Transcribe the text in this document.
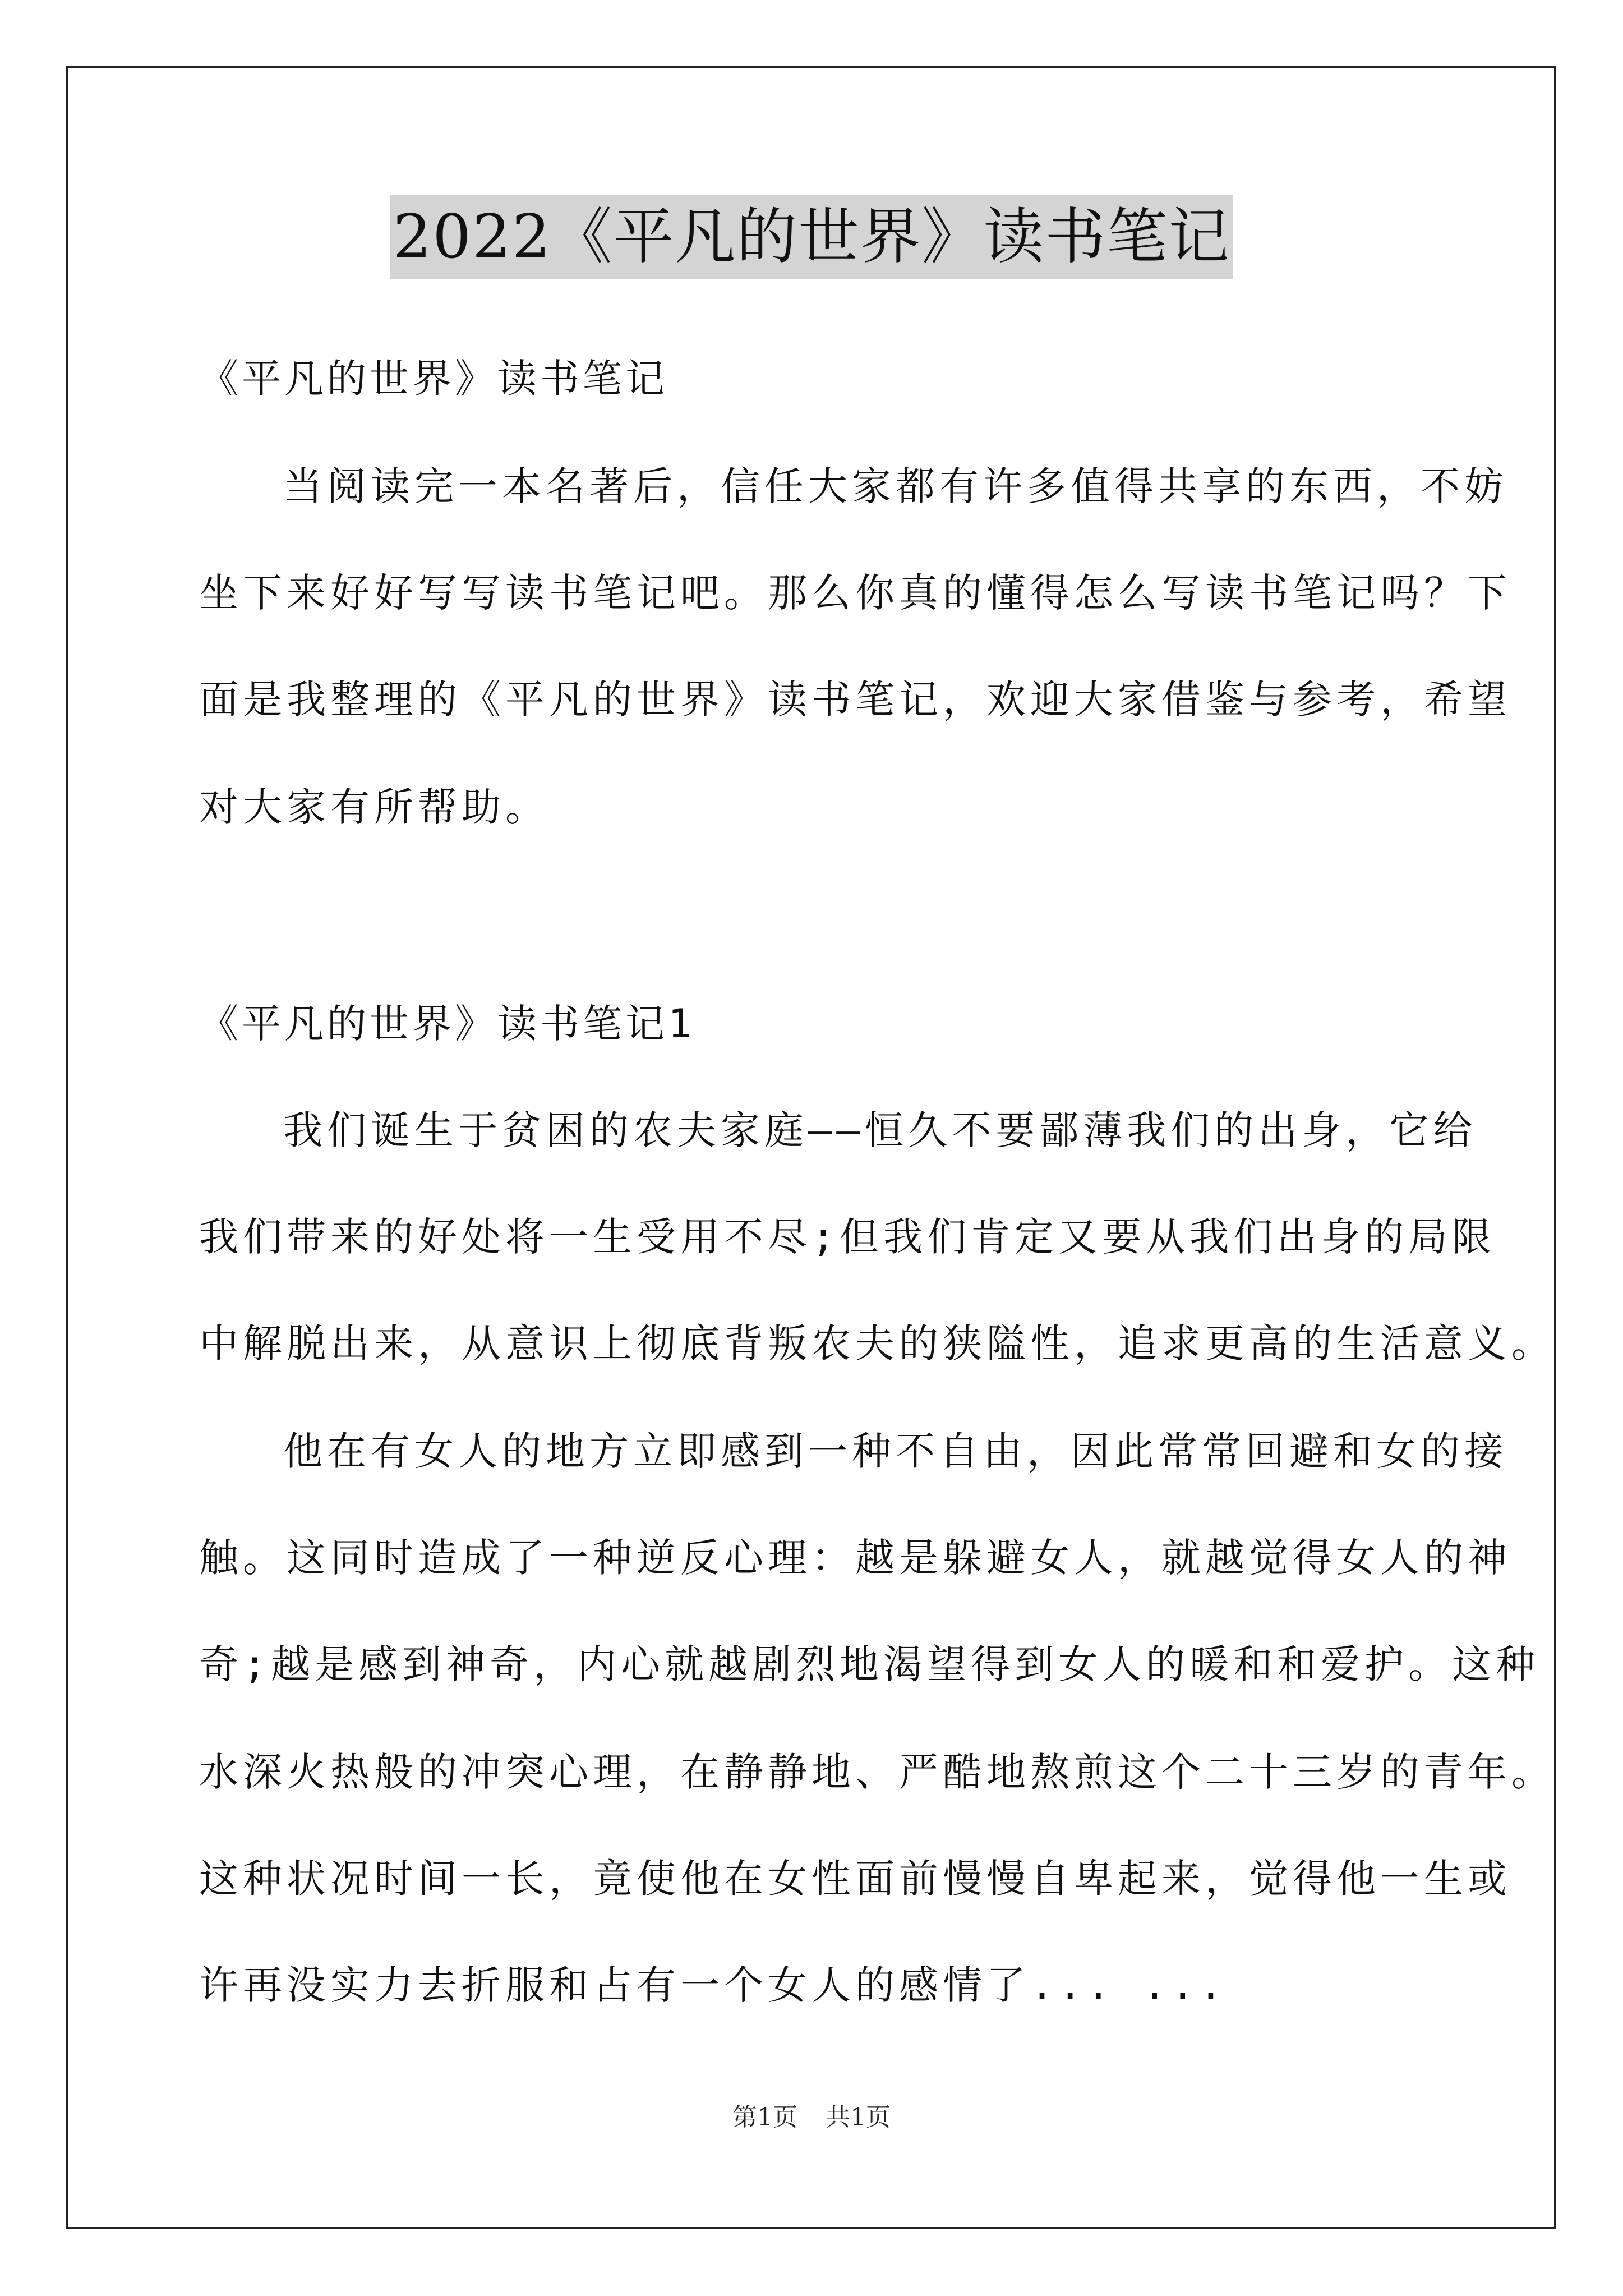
2022《平凡的世界》读书笔记
《平凡的世界》读书笔记
当阅读完一本名著后，信任大家都有许多值得共享的东西，不妨
坐下来好好写写读书笔记吧。那么你真的懂得怎么写读书笔记吗？下
面是我整理的《平凡的世界》读书笔记，欢迎大家借鉴与参考，希望
对大家有所帮助。
《平凡的世界》读书笔记1
我们诞生于贫困的农夫家庭——恒久不要鄙薄我们的出身，它给
我们带来的好处将一生受用不尽;但我们肯定又要从我们出身的局限
中解脱出来，从意识上彻底背叛农夫的狭隘性，追求更高的生活意义。
他在有女人的地方立即感到一种不自由，因此常常回避和女的接
触。这同时造成了一种逆反心理：越是躲避女人，就越觉得女人的神
奇;越是感到神奇，内心就越剧烈地渴望得到女人的暖和和爱护。这种
水深火热般的冲突心理，在静静地、严酷地熬煎这个二十三岁的青年。
这种状况时间一长，竟使他在女性面前慢慢自卑起来，觉得他一生或
许再没实力去折服和占有一个女人的感情了... ...
第1页 共1页
